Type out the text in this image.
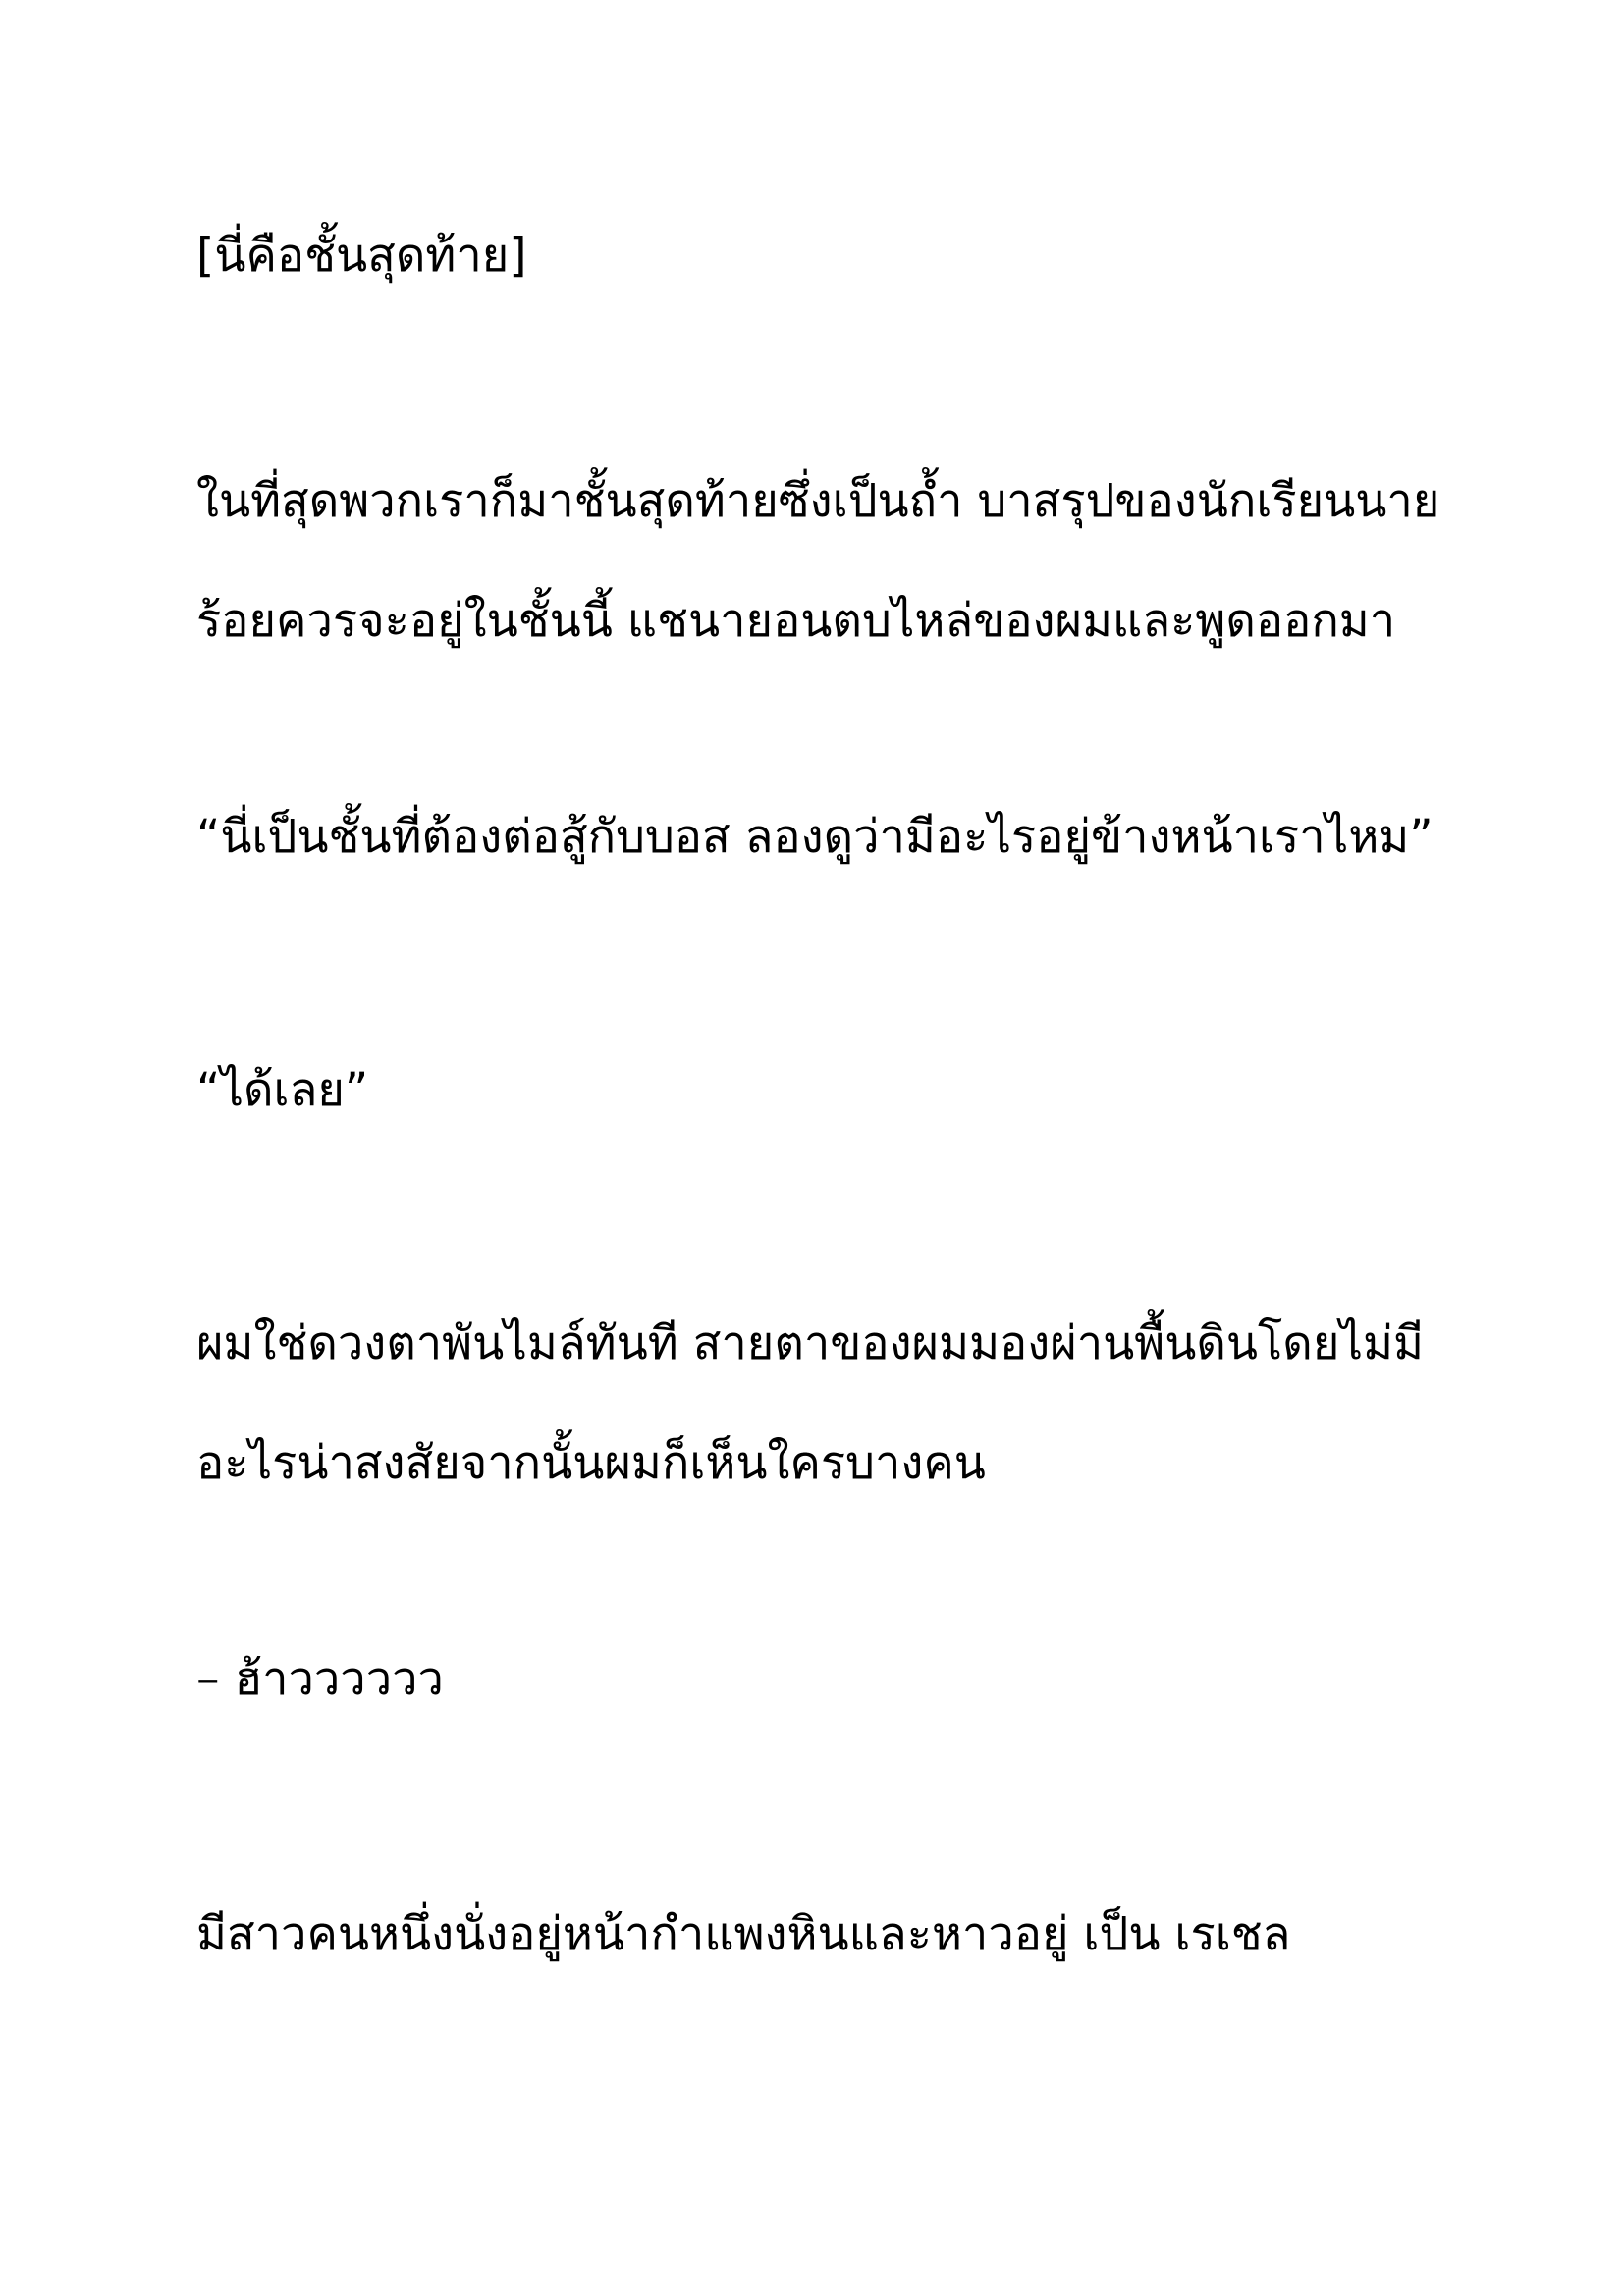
[นี่คือชั้นสุดท้าย]

ในที่สุดพวกเราก็มาชั้นสุดท้ายซึ่งเป็นถ้ำ บาสรุปของนักเรียนนาย
ร้อยควรจะอยู่ในชั้นนี้ แชนายอนตบไหล่ของผมและพูดออกมา

“นี่เป็นชั้นที่ต้องต่อสู้กับบอส ลองดูว่ามีอะไรอยู่ข้างหน้าเราไหม”

“ได้เลย”

ผมใช่ดวงตาพันไมล์ทันที สายตาของผมมองผ่านพื้นดินโดยไม่มี
อะไรน่าสงสัยจากนั้นผมก็เห็นใครบางคน

– ฮ้าวววววว

มีสาวคนหนึ่งนั่งอยู่หน้ากำแพงหินและหาวอยู่ เป็น เรเชล
